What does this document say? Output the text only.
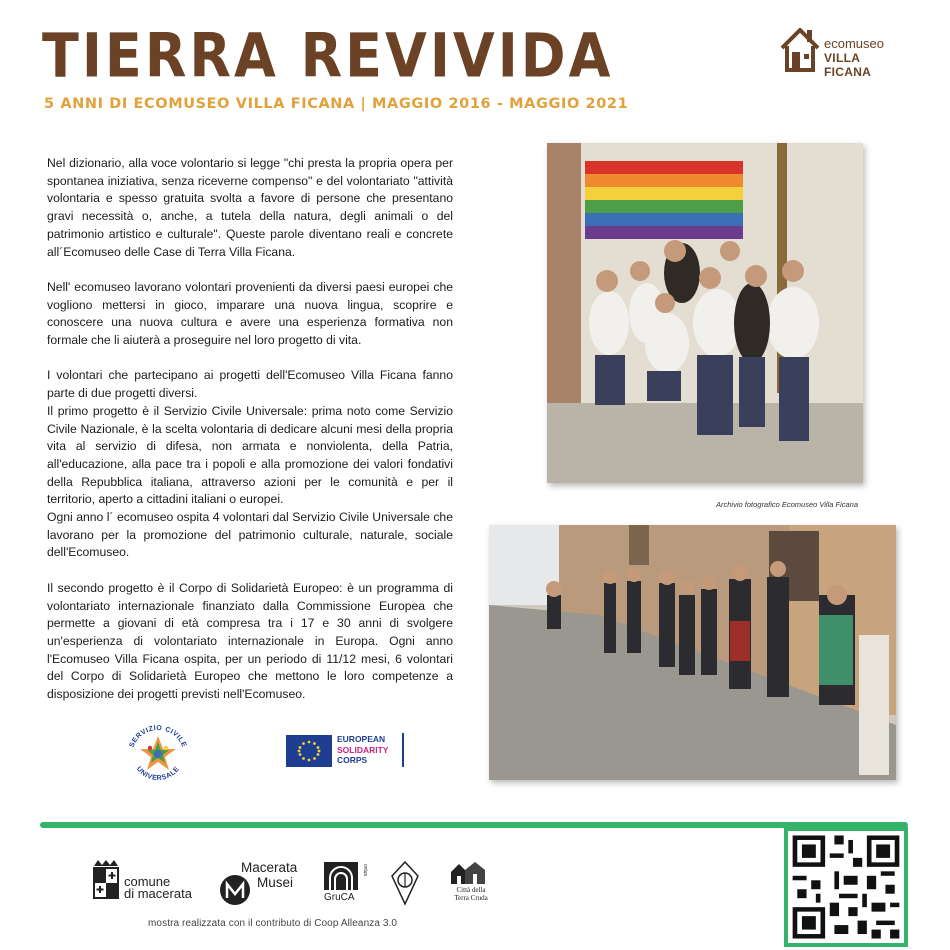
TIERRA REVIVIDA
5 ANNI DI ECOMUSEO VILLA FICANA | MAGGIO 2016 - MAGGIO 2021
ecomuseo
VILLA FICANA

Nel dizionario, alla voce volontario si legge "chi presta la propria opera per spontanea iniziativa, senza riceverne compenso" e del volontariato "attività volontaria e spesso gratuita svolta a favore di persone che presentano gravi necessità o, anche, a tutela della natura, degli animali o del patrimonio artistico e culturale". Queste parole diventano reali e concrete all´Ecomuseo delle Case di Terra Villa Ficana.

Nell' ecomuseo lavorano volontari provenienti da diversi paesi europei che vogliono mettersi in gioco, imparare una nuova lingua, scoprire e conoscere una nuova cultura e avere una esperienza formativa non formale che li aiuterà a proseguire nel loro progetto di vita.

I volontari che partecipano ai progetti dell'Ecomuseo Villa Ficana fanno parte di due progetti diversi.

Il primo progetto è il Servizio Civile Universale: prima noto come Servizio Civile Nazionale, è la scelta volontaria di dedicare alcuni mesi della propria vita al servizio di difesa, non armata e nonviolenta, della Patria, all'educazione, alla pace tra i popoli e alla promozione dei valori fondativi della Repubblica italiana, attraverso azioni per le comunità e per il territorio, aperto a cittadini italiani o europei.

Ogni anno l´ ecomuseo ospita 4 volontari dal Servizio Civile Universale che lavorano per la promozione del patrimonio culturale, naturale, sociale dell'Ecomuseo.

Il secondo progetto è il Corpo di Solidarietà Europeo: è un programma di volontariato internazionale finanziato dalla Commissione Europea che permette a giovani di età compresa tra i 17 e 30 anni di svolgere un'esperienza di volontariato internazionale in Europa. Ogni anno l'Ecomuseo Villa Ficana ospita, per un periodo di 11/12 mesi, 6 volontari del Corpo di Solidarietà Europeo che mettono le loro competenze a disposizione dei progetti previsti nell'Ecomuseo.

Archivio fotografico Ecomuseo Villa Ficana
SERVIZIO CIVILE
UNIVERSALE
EUROPEAN
SOLIDARITY
CORPS
comune
di macerata
Macerata
Musei
GruCA
onlus
Città della
Terra Cruda
mostra realizzata con il contributo di Coop Alleanza 3.0
